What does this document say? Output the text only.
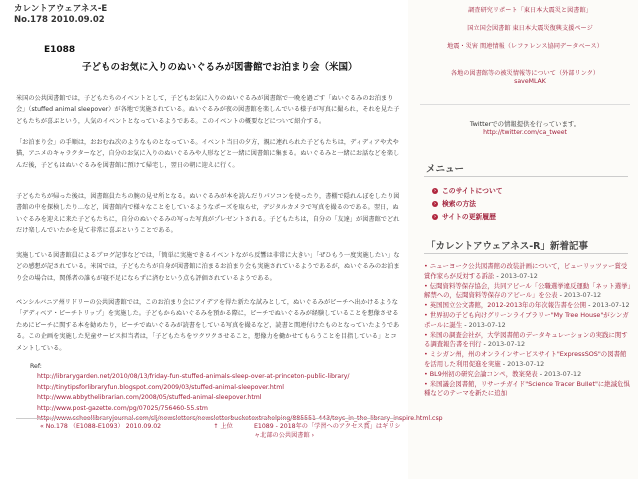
カレントアウェアネス-E
No.178 2010.09.02
E1088
子どものお気に入りのぬいぐるみが図書館でお泊まり会（米国）
米国の公共図書館では，子どもたちのイベントとして，子どもお気に入りのぬいぐるみが図書館で一晩を過ごす「ぬいぐるみのお泊まり会」（stuffed animal sleepover）が各地で実施されている。ぬいぐるみが夜の図書館を楽しんでいる様子が写真に撮られ，それを見た子どもたちが喜ぶという，人気のイベントとなっているようである。このイベントの概要などについて紹介する。
「お泊まり会」の手順は，おおむね次のようなものとなっている。イベント当日の夕方，親に連れられた子どもたちは，ディディアや犬や猫，アニメのキャラクターなど，自分のお気に入りのぬいぐるみや人形などと一緒に図書館に集まる。ぬいぐるみと一緒にお話などを楽しんだ後，子どもはぬいぐるみを図書館に預けて帰宅し，翌日の朝に迎えに行く。
子どもたちが帰った後は，図書館員たちの腕の見せ所となる。ぬいぐるみが本を読んだりパソコンを使ったり，書棚で隠れんぼをしたり図書館の中を探検したり…など，図書館内で様々なことをしているようなポーズを取らせ，デジタルカメラで写真を撮るのである。翌日，ぬいぐるみを迎えに来た子どもたちに，自分のぬいぐるみの写った写真がプレゼントされる。子どもたちは，自分の「友達」が図書館でどれだけ楽しんでいたかを見て非常に喜ぶということである。
実施している図書館員によるブログ記事などでは，「簡単に実施できるイベントながら反響は非常に大きい」「ぜひもう一度実施したい」などの感想が記されている。米国では，子どもたちが自身が図書館に泊まるお泊まり会も実施されているようであるが，ぬいぐるみのお泊まり会の場合は，関係者の誰もが寝不足にならずに済むという点も評価されているようである。
ペンシルバニア州リドリーの公共図書館では，このお泊まり会にアイデアを得た新たな試みとして，ぬいぐるみがピーチへ出かけるような「デディベア・ピーチトリップ」を実施した。子どもからぬいぐるみを預かる際に，ピーチでぬいぐるみが経験していることを想像させるためにピーチに関する本を勧めたり，ピーチでぬいぐるみが読書をしている写真を撮るなど，読書と関連付けたものとなっていたようである。この企画を実施した児童サービス担当者は，「子どもたちをワクワクさせること，想像力を働かせてもらうことを目指している」とコメントしている。
Ref:
http://librarygarden.net/2010/08/13/friday-fun-stuffed-animals-sleep-over-at-princeton-public-library/
http://tinytipsforlibraryfun.blogspot.com/2009/03/stuffed-animal-sleepover.html
http://www.abbythelibrarian.com/2008/05/stuffed-animal-sleepover.html
http://www.post-gazette.com/pg/07025/756460-55.stm
« No.178 （E1088-E1093） 2010.09.02	↑ 上位	E1089 - 2018年の「学習へのアクセス賞」はギリシャ北部の公共図書館 ›
調査研究リポート「東日本大震災と図書館」
国立国会図書館 東日本大震災復興支援ページ
地震・災害 関連情報（レファレンス協同データベース）
各地の図書館等の被災情報等について（外部リンク）
saveMLAK
Twitterでの情報提供を行っています。
http://twitter.com/ca_tweet
メニュー
› このサイトについて
› 検索の方法
› サイトの更新履歴
「カレントアウェアネス-R」新着記事
• ニューヨーク公共図書館の改装計画について，ビューリッツァー賞受賞作家らが反対する訴訟 - 2013-07-12
• 伝聞資料等保存協会，共同アピール「公職選挙違反運動「ネット選挙」解禁への，伝聞資料等保存のアピール」を公表 - 2013-07-12
• 英国国立公文書館，2012-2013年の年次報告書を公開 - 2013-07-12
• 世界初の子ども向けグリーンライブラリー"My Tree House"がシンガポールに誕生 - 2013-07-12
• 米国の調査会社が，大学図書館のデータキュレーションの実践に関する調査報告書を刊行 - 2013-07-12
• ミシガン州，州のオンラインサービスサイト"ExpressSOS"の図書館を活用した利用促進を実施 - 2013-07-12
• BL9州初の研究会論コンペ，教案発表 - 2013-07-12
• 米国議会図書館，リサーチガイド"Science Tracer Bullet"に絶滅危惧種などのテーマを新たに追加
